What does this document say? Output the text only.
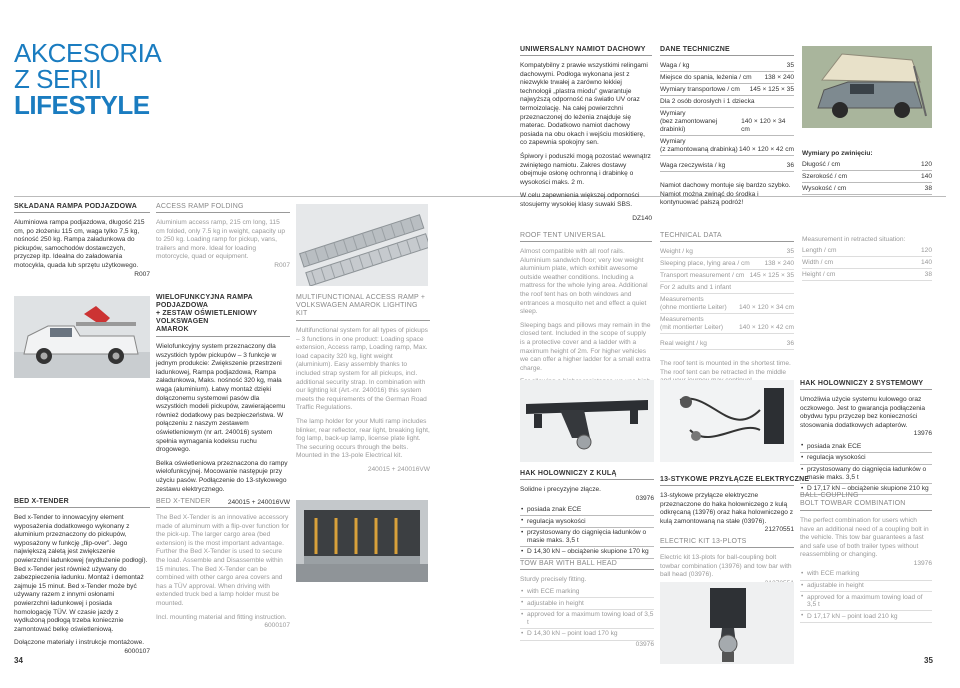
AKCESORIA
Z SERII
LIFESTYLE
SKŁADANA RAMPA PODJAZDOWA
Aluminiowa rampa podjazdowa, długość 215 cm, po złożeniu 115 cm, waga tylko 7,5 kg, nośność 250 kg. Rampa załadunkowa do pickupów, samochodów dostawczych, przyczep itp. Idealna do załadowania motocykla, quada lub sprzętu użytkowego.
R007
ACCESS RAMP FOLDING
Aluminium access ramp, 215 cm long, 115 cm folded, only 7.5 kg in weight, capacity up to 250 kg. Loading ramp for pickup, vans, trailers and more. Ideal for loading motorcycle, quad or equipment.
R007
WIELOFUNKCYJNA RAMPA PODJAZDOWA
+ ZESTAW OŚWIETLENIOWY VOLKSWAGEN
AMAROK

Wielofunkcyjny system przeznaczony dla wszystkich typów pickupów – 3 funkcje w jednym produkcie: Zwiększenie przestrzeni ładunkowej, Rampa podjazdowa, Rampa załadunkowa, Maks. nośność 320 kg, mała waga (aluminium). Łatwy montaż dzięki dołączonemu systemowi pasów dla wszystkich modeli pickupów, zawierającemu również dodatkowy pas bezpieczeństwa. W połączeniu z naszym zestawem oświetleniowym (nr art. 240016) system spełnia wymagania kodeksu ruchu drogowego.

Belka oświetleniowa przeznaczona do rampy wielofunkcyjnej. Mocowanie następuje przy użyciu pasów. Podłączenie do 13-stykowego zestawu elektrycznego.

240015 + 240016VW
MULTIFUNCTIONAL ACCESS RAMP +
VOLKSWAGEN AMAROK LIGHTING KIT

Multifunctional system for all types of pickups – 3 functions in one product: Loading space extension, Access ramp, Loading ramp, Max. load capacity 320 kg, light weight (aluminium). Easy assembly thanks to included strap system for all pickups, incl. additional security strap. In combination with our lighting kit (Art.-nr. 240016) this system meets the requirements of the German Road Traffic Regulations.

The lamp holder for your Multi ramp includes blinker, rear reflector, rear light, breaking light, fog lamp, back-up lamp, license plate light. The securing occurs through the belts. Mounted in the 13-pole Electrical kit.

240015 + 240016VW
BED X-TENDER

Bed x-Tender to innowacyjny element wyposażenia dodatkowego wykonany z aluminium przeznaczony do pickupów, wyposażony w funkcję „flip-over”. Jego największą zaletą jest zwiększenie powierzchni ładunkowej (wydłużenie podłogi). Bed x-Tender jest również używany do zabezpieczenia ładunku. Montaż i demontaż zajmuje 15 minut. Bed x-Tender może być używany razem z innymi osłonami powierzchni ładunkowej i posiada homologację TÜV. W czasie jazdy z wydłużoną podłogą trzeba koniecznie zamontować belkę oświetleniową.

Dołączone materiały i instrukcje montażowe.
6000107
BED X-TENDER

The Bed X-Tender is an innovative accessory made of aluminum with a flip-over function for the pick-up. The larger cargo area (bed extension) is the most important advantage. Further the Bed X-Tender is used to secure the load. Assemble and Disassemble within 15 minutes. The Bed X-Tender can be combined with other cargo area covers and has a TÜV approval. When driving with extended truck bed a lamp holder must be mounted.

Incl. mounting material and fitting instruction.
6000107
34
UNIWERSALNY NAMIOT DACHOWY

Kompatybilny z prawie wszystkimi relingami dachowymi. Podłoga wykonana jest z niezwykle trwałej a zarówno lekkiej technologii „plastra miodu” gwarantuje najwyższą odporność na światło UV oraz termoizolację. Na całej powierzchni przeznaczonej do leżenia znajduje się materac. Dodatkowo namiot dachowy posiada na obu okach i wejściu moskitierę, co zapewnia spokojny sen.

Śpiwory i poduszki mogą pozostać wewnątrz zwiniętego namiotu. Zakres dostawy obejmuje osłonę ochronną i drabinkę o wysokości maks. 2 m.

W celu zapewnienia większej odporności stosujemy wysokiej klasy suwaki SBS.

DZ140
DANE TECHNICZNE
Waga / kg	35
Miejsce do spania, leżenia / cm 138 × 240
Wymiary transportowe / cm 145 × 125 × 35
Dla 2 osób dorosłych i 1 dziecka
Wymiary
(bez zamontowanej drabinki)
140 × 120 × 34 cm
Wymiary
(z zamontowaną drabinką) 140 × 120 × 42 cm
Waga rzeczywista / kg	36
Namiot dachowy montuje się bardzo szybko. Namiot można zwinąć do środka i kontynuować palszą podróż!
Wymiary po zwinięciu:
Długość / cm	120
Szerokość / cm	140
Wysokość / cm	38
ROOF TENT UNIVERSAL

Almost compatible with all roof rails. Aluminium sandwich floor; very low weight aluminium plate, which exhibit awesome outside weather conditions. Including a mattress for the whole lying area. Additional the roof tent has on both windows and entrances a mosquito net and effect a quiet sleep.

Sleeping bags and pillows may remain in the closed tent. Included in the scope of supply is a protective cover and a ladder with a maximum height of 2m. For higher vehicles we can offer a higher ladder for a small extra charge.

TECHNICAL DATA
Weight / kg	35
Sleeping place, lying area / cm 138 × 240
Transport measurement / cm 145 × 125 × 35
For 2 adults and 1 infant
Measurements
(ohne montierte Leiter) 140 × 120 × 34 cm
Measurements
(mit montierter Leiter) 140 × 120 × 42 cm
Real weight / kg	36
The roof tent is mounted in the shortest time. The roof tent can be retracted in the middle
Measurement in retracted situation:
Length / cm	120
Width / cm	140
Height / cm	38
HAK HOLOWNICZY 2 SYSTEMOWY
Umożliwia użycie systemu kulowego oraz oczkowego. Jest to gwarancja podłączenia obydwu typu przyczep bez konieczności stosowania dodatkowych adapterów.
13976
• posiada znak ECE
• regulacja wysokości
• przystosowany do ciągnięcia ładunków o masie maks. 3,5 t
• D 17,17 kN – obciążenie skupione 210 kg
HAK HOLOWNICZY Z KULĄ
Solidne i precyzyjne złącze.
03976
• posiada znak ECE
• regulacja wysokości
• przystosowany do ciągnięcia ładunków o masie maks. 3,5 t
• D 14,30 kN – obciążenie skupione 170 kg
TOW BAR WITH BALL HEAD
Sturdy precisely fitting.
• with ECE marking
• adjustable in height
• approved for a maximum towing load of 3,5 t
• D 14,30 kN – point load 170 kg
03976
13-STYKOWE PRZYŁĄCZE ELEKTRYCZNE
13-stykowe przyłącze elektryczne przeznaczone do haka holowniczego z kulą odkręcaną (13976) oraz haka holowniczego z kulą zamontowaną na stałe (03976).
21270551
ELECTRIC KIT 13-PLOTS
Electric kit 13-plots for ball-coupling bolt towbar combination (13976) and tow bar with ball head (03976).
BALL-COUPLING
BOLT TOWBAR COMBINATION
The perfect combination for users which have an additional need of a coupling bolt in the vehicle. This tow bar guarantees a fast and safe use of both trailer types without reassembling or changing.
13976
• with ECE marking
• adjustable in height
• approved for a maximum towing load of 3,5 t
• D 17,17 kN – point load 210 kg
35
